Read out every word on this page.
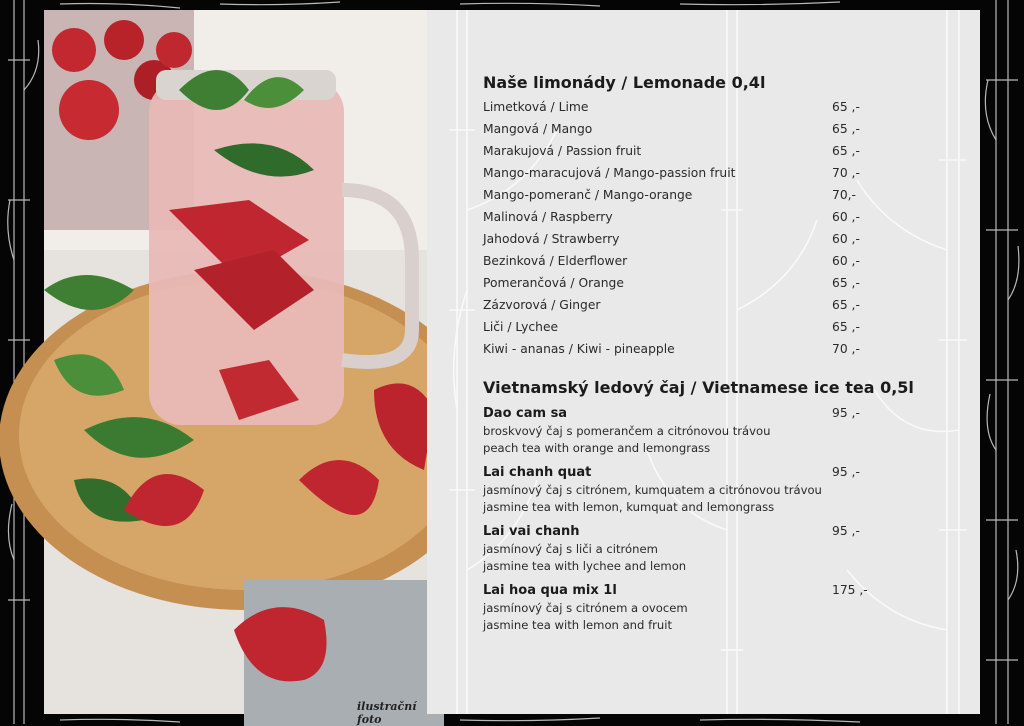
ilustrační foto
Naše limonády / Lemonade 0,4l
Limetková / Lime	65 ,-
Mangová / Mango	65 ,-
Marakujová / Passion fruit	65 ,-
Mango-maracujová / Mango-passion fruit	70 ,-
Mango-pomeranč / Mango-orange	70,-
Malinová / Raspberry	60 ,-
Jahodová / Strawberry	60 ,-
Bezinková / Elderflower	60 ,-
Pomerančová / Orange	65 ,-
Zázvorová / Ginger	65 ,-
Liči / Lychee	65 ,-
Kiwi - ananas / Kiwi - pineapple	70 ,-
Vietnamský ledový čaj / Vietnamese ice tea 0,5l
Dao cam sa	95 ,-
broskvový čaj s pomerančem a citrónovou trávou
peach tea with orange and lemongrass
Lai chanh quat	95 ,-
jasmínový čaj s citrónem, kumquatem a citrónovou trávou
jasmine tea with lemon, kumquat and lemongrass
Lai vai chanh	95 ,-
jasmínový čaj s liči a citrónem
jasmine tea with lychee and lemon
Lai hoa qua mix 1l	175 ,-
jasmínový čaj s citrónem a ovocem
jasmine tea with lemon and fruit
